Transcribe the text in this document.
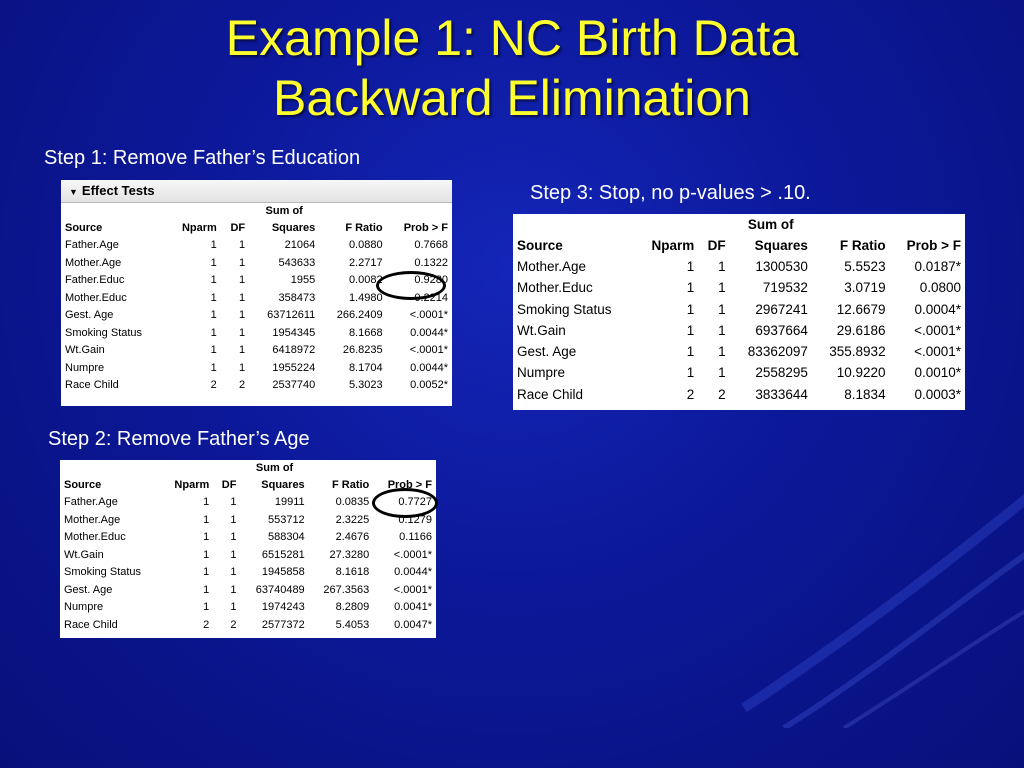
Example 1: NC Birth Data
Backward Elimination
Step 1: Remove Father’s Education
▼ Effect Tests
			Sum of		
Source	Nparm	DF	Squares	F Ratio	Prob > F
Father.Age	1	1	21064	0.0880	0.7668
Mother.Age	1	1	543633	2.2717	0.1322
Father.Educ	1	1	1955	0.0082	0.9280
Mother.Educ	1	1	358473	1.4980	0.2214
Gest. Age	1	1	63712611	266.2409	<.0001*
Smoking Status	1	1	1954345	8.1668	0.0044*
Wt.Gain	1	1	6418972	26.8235	<.0001*
Numpre	1	1	1955224	8.1704	0.0044*
Race Child	2	2	2537740	5.3023	0.0052*
Step 2: Remove Father’s Age
			Sum of		
Source	Nparm	DF	Squares	F Ratio	Prob > F
Father.Age	1	1	19911	0.0835	0.7727
Mother.Age	1	1	553712	2.3225	0.1279
Mother.Educ	1	1	588304	2.4676	0.1166
Wt.Gain	1	1	6515281	27.3280	<.0001*
Smoking Status	1	1	1945858	8.1618	0.0044*
Gest. Age	1	1	63740489	267.3563	<.0001*
Numpre	1	1	1974243	8.2809	0.0041*
Race Child	2	2	2577372	5.4053	0.0047*
Step 3: Stop, no p-values > .10.
			Sum of		
Source	Nparm	DF	Squares	F Ratio	Prob > F
Mother.Age	1	1	1300530	5.5523	0.0187*
Mother.Educ	1	1	719532	3.0719	0.0800
Smoking Status	1	1	2967241	12.6679	0.0004*
Wt.Gain	1	1	6937664	29.6186	<.0001*
Gest. Age	1	1	83362097	355.8932	<.0001*
Numpre	1	1	2558295	10.9220	0.0010*
Race Child	2	2	3833644	8.1834	0.0003*
